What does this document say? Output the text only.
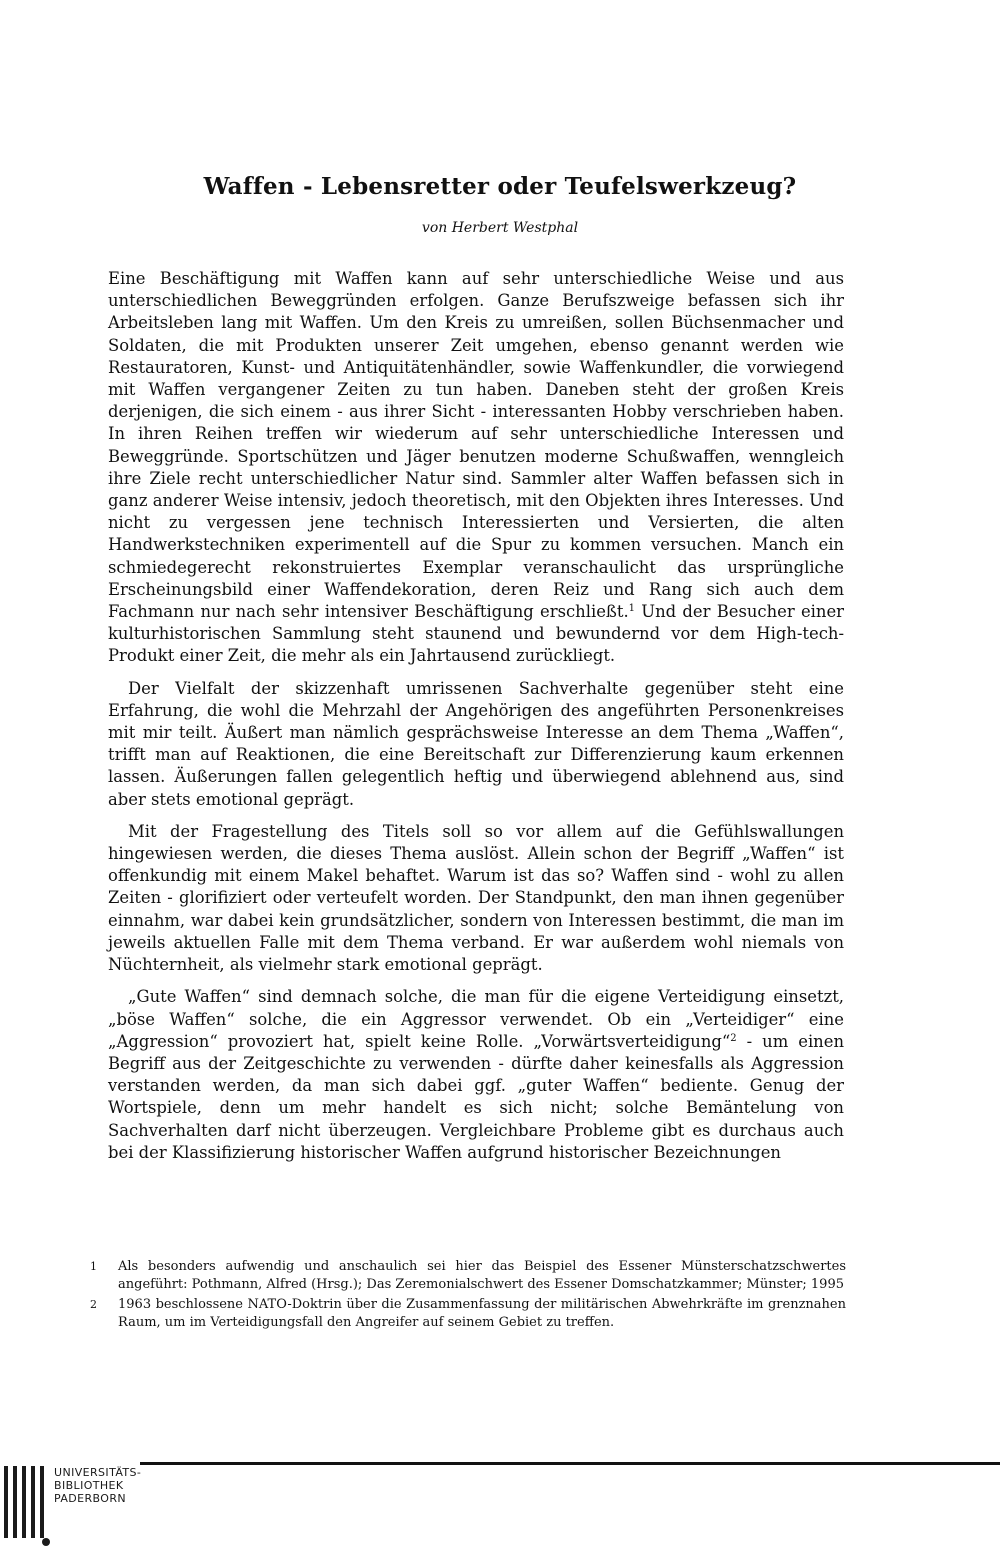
Waffen - Lebensretter oder Teufelswerkzeug?
von Herbert Westphal

Eine Beschäftigung mit Waffen kann auf sehr unterschiedliche Weise und aus unterschiedlichen Beweggründen erfolgen. Ganze Berufszweige befassen sich ihr Arbeitsleben lang mit Waffen. Um den Kreis zu umreißen, sollen Büchsenmacher und Soldaten, die mit Produkten unserer Zeit umgehen, ebenso genannt werden wie Restauratoren, Kunst- und Antiquitätenhändler, sowie Waffenkundler, die vorwiegend mit Waffen vergangener Zeiten zu tun haben. Daneben steht der großen Kreis derjenigen, die sich einem - aus ihrer Sicht - interessanten Hobby verschrieben haben. In ihren Reihen treffen wir wiederum auf sehr unterschiedliche Interessen und Beweggründe. Sportschützen und Jäger benutzen moderne Schußwaffen, wenngleich ihre Ziele recht unterschiedlicher Natur sind. Sammler alter Waffen befassen sich in ganz anderer Weise intensiv, jedoch theoretisch, mit den Objekten ihres Interesses. Und nicht zu vergessen jene technisch Interessierten und Versierten, die alten Handwerkstechniken experimentell auf die Spur zu kommen versuchen. Manch ein schmiedegerecht rekonstruiertes Exemplar veranschaulicht das ursprüngliche Erscheinungsbild einer Waffendekoration, deren Reiz und Rang sich auch dem Fachmann nur nach sehr intensiver Beschäftigung erschließt.$^1$ Und der Besucher einer kulturhistorischen Sammlung steht staunend und bewundernd vor dem High-tech-Produkt einer Zeit, die mehr als ein Jahrtausend zurückliegt.

Der Vielfalt der skizzenhaft umrissenen Sachverhalte gegenüber steht eine Erfahrung, die wohl die Mehrzahl der Angehörigen des angeführten Personenkreises mit mir teilt. Äußert man nämlich gesprächsweise Interesse an dem Thema „Waffen“, trifft man auf Reaktionen, die eine Bereitschaft zur Differenzierung kaum erkennen lassen. Äußerungen fallen gelegentlich heftig und überwiegend ablehnend aus, sind aber stets emotional geprägt.

Mit der Fragestellung des Titels soll so vor allem auf die Gefühlswallungen hingewiesen werden, die dieses Thema auslöst. Allein schon der Begriff „Waffen“ ist offenkundig mit einem Makel behaftet. Warum ist das so? Waffen sind - wohl zu allen Zeiten - glorifiziert oder verteufelt worden. Der Standpunkt, den man ihnen gegenüber einnahm, war dabei kein grundsätzlicher, sondern von Interessen bestimmt, die man im jeweils aktuellen Falle mit dem Thema verband. Er war außerdem wohl niemals von Nüchternheit, als vielmehr stark emotional geprägt.

„Gute Waffen“ sind demnach solche, die man für die eigene Verteidigung einsetzt, „böse Waffen“ solche, die ein Aggressor verwendet. Ob ein „Verteidiger“ eine „Aggression“ provoziert hat, spielt keine Rolle. „Vorwärtsverteidigung“$^2$ - um einen Begriff aus der Zeitgeschichte zu verwenden - dürfte daher keinesfalls als Aggression verstanden werden, da man sich dabei ggf. „guter Waffen“ bediente. Genug der Wortspiele, denn um mehr handelt es sich nicht; solche Bemäntelung von Sachverhalten darf nicht überzeugen. Vergleichbare Probleme gibt es durchaus auch bei der Klassifizierung historischer Waffen aufgrund historischer Bezeichnungen

1	Als besonders aufwendig und anschaulich sei hier das Beispiel des Essener Münsterschatzschwertes angeführt: Pothmann, Alfred (Hrsg.); Das Zeremonialschwert des Essener Domschatzkammer; Münster; 1995
2	1963 beschlossene NATO-Doktrin über die Zusammenfassung der militärischen Abwehrkräfte im grenznahen Raum, um im Verteidigungsfall den Angreifer auf seinem Gebiet zu treffen.
UNIVERSITÄTS-
BIBLIOTHEK
PADERBORN
